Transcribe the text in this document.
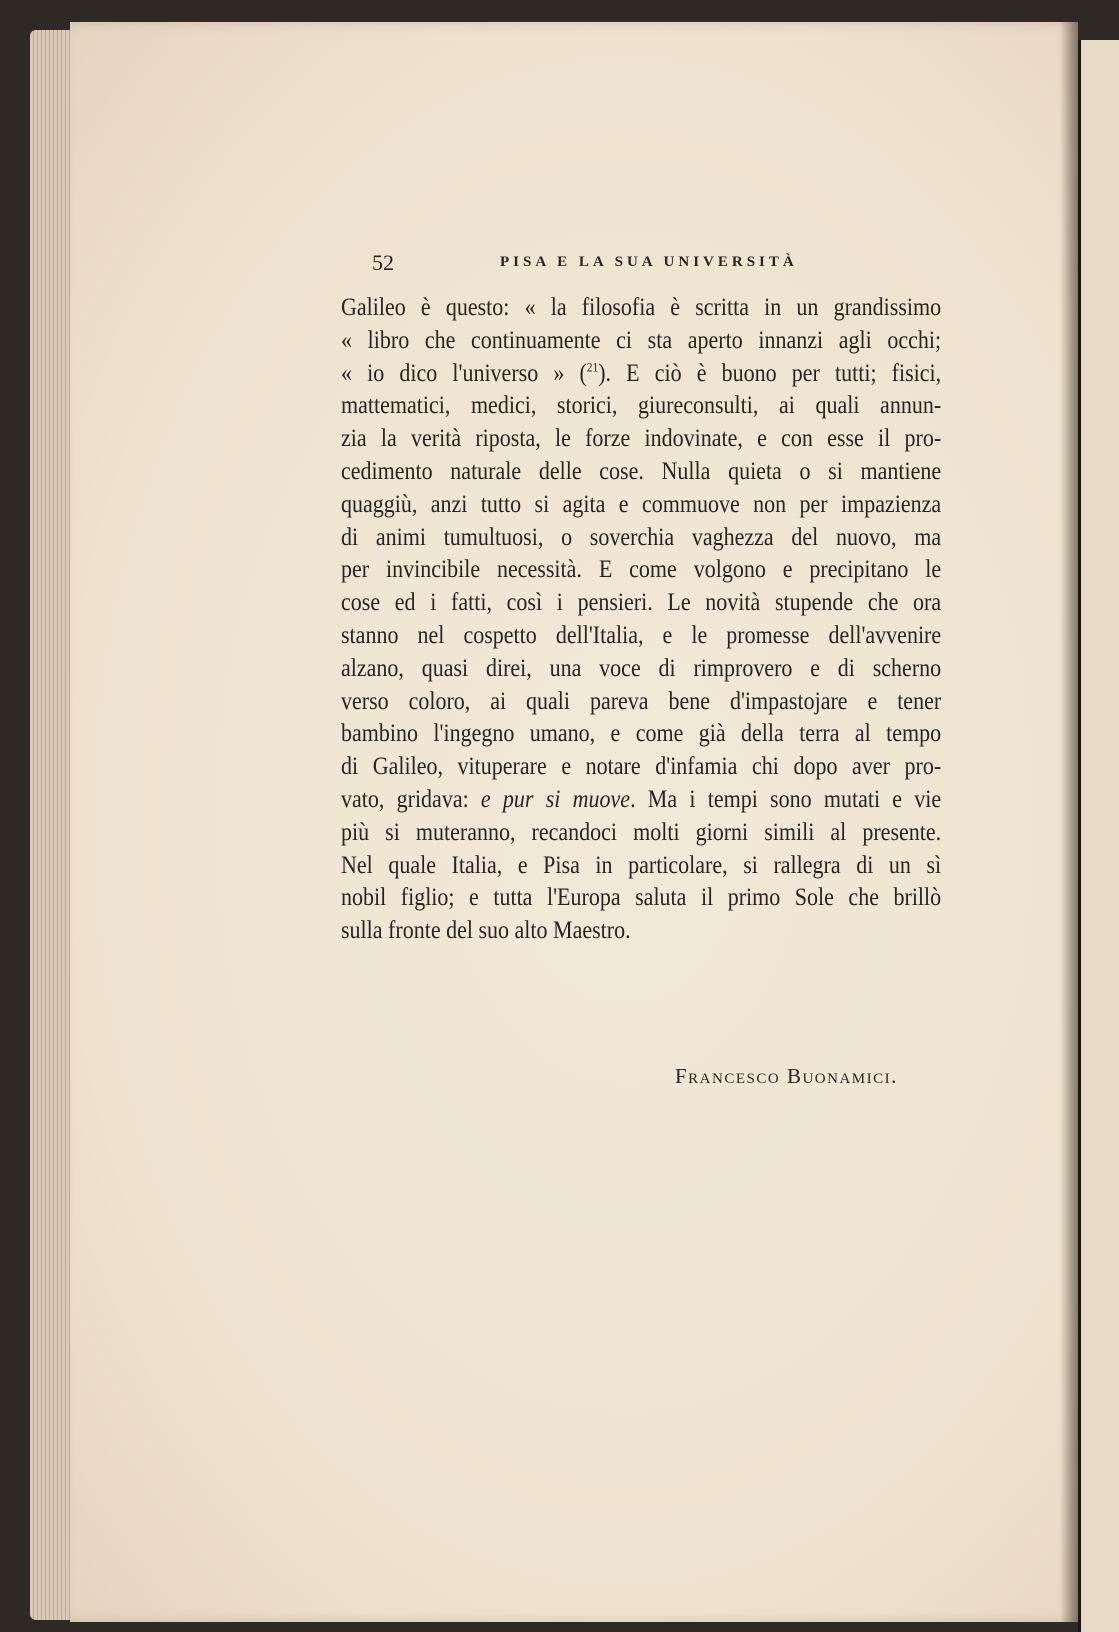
52	PISA E LA SUA UNIVERSITÀ
Galileo è questo: « la filosofia è scritta in un grandissimo
« libro che continuamente ci sta aperto innanzi agli occhi;
« io dico l'universo » ($^{21}$). E ciò è buono per tutti; fisici,
mattematici, medici, storici, giureconsulti, ai quali annun-
zia la verità riposta, le forze indovinate, e con esse il pro-
cedimento naturale delle cose. Nulla quieta o si mantiene
quaggiù, anzi tutto si agita e commuove non per impazienza
di animi tumultuosi, o soverchia vaghezza del nuovo, ma
per invincibile necessità. E come volgono e precipitano le
cose ed i fatti, così i pensieri. Le novità stupende che ora
stanno nel cospetto dell'Italia, e le promesse dell'avvenire
alzano, quasi direi, una voce di rimprovero e di scherno
verso coloro, ai quali pareva bene d'impastojare e tener
bambino l'ingegno umano, e come già della terra al tempo
di Galileo, vituperare e notare d'infamia chi dopo aver pro-
vato, gridava: e pur si muove. Ma i tempi sono mutati e vie
più si muteranno, recandoci molti giorni simili al presente.
Nel quale Italia, e Pisa in particolare, si rallegra di un sì
nobil figlio; e tutta l'Europa saluta il primo Sole che brillò
sulla fronte del suo alto Maestro.
Francesco Buonamici.
